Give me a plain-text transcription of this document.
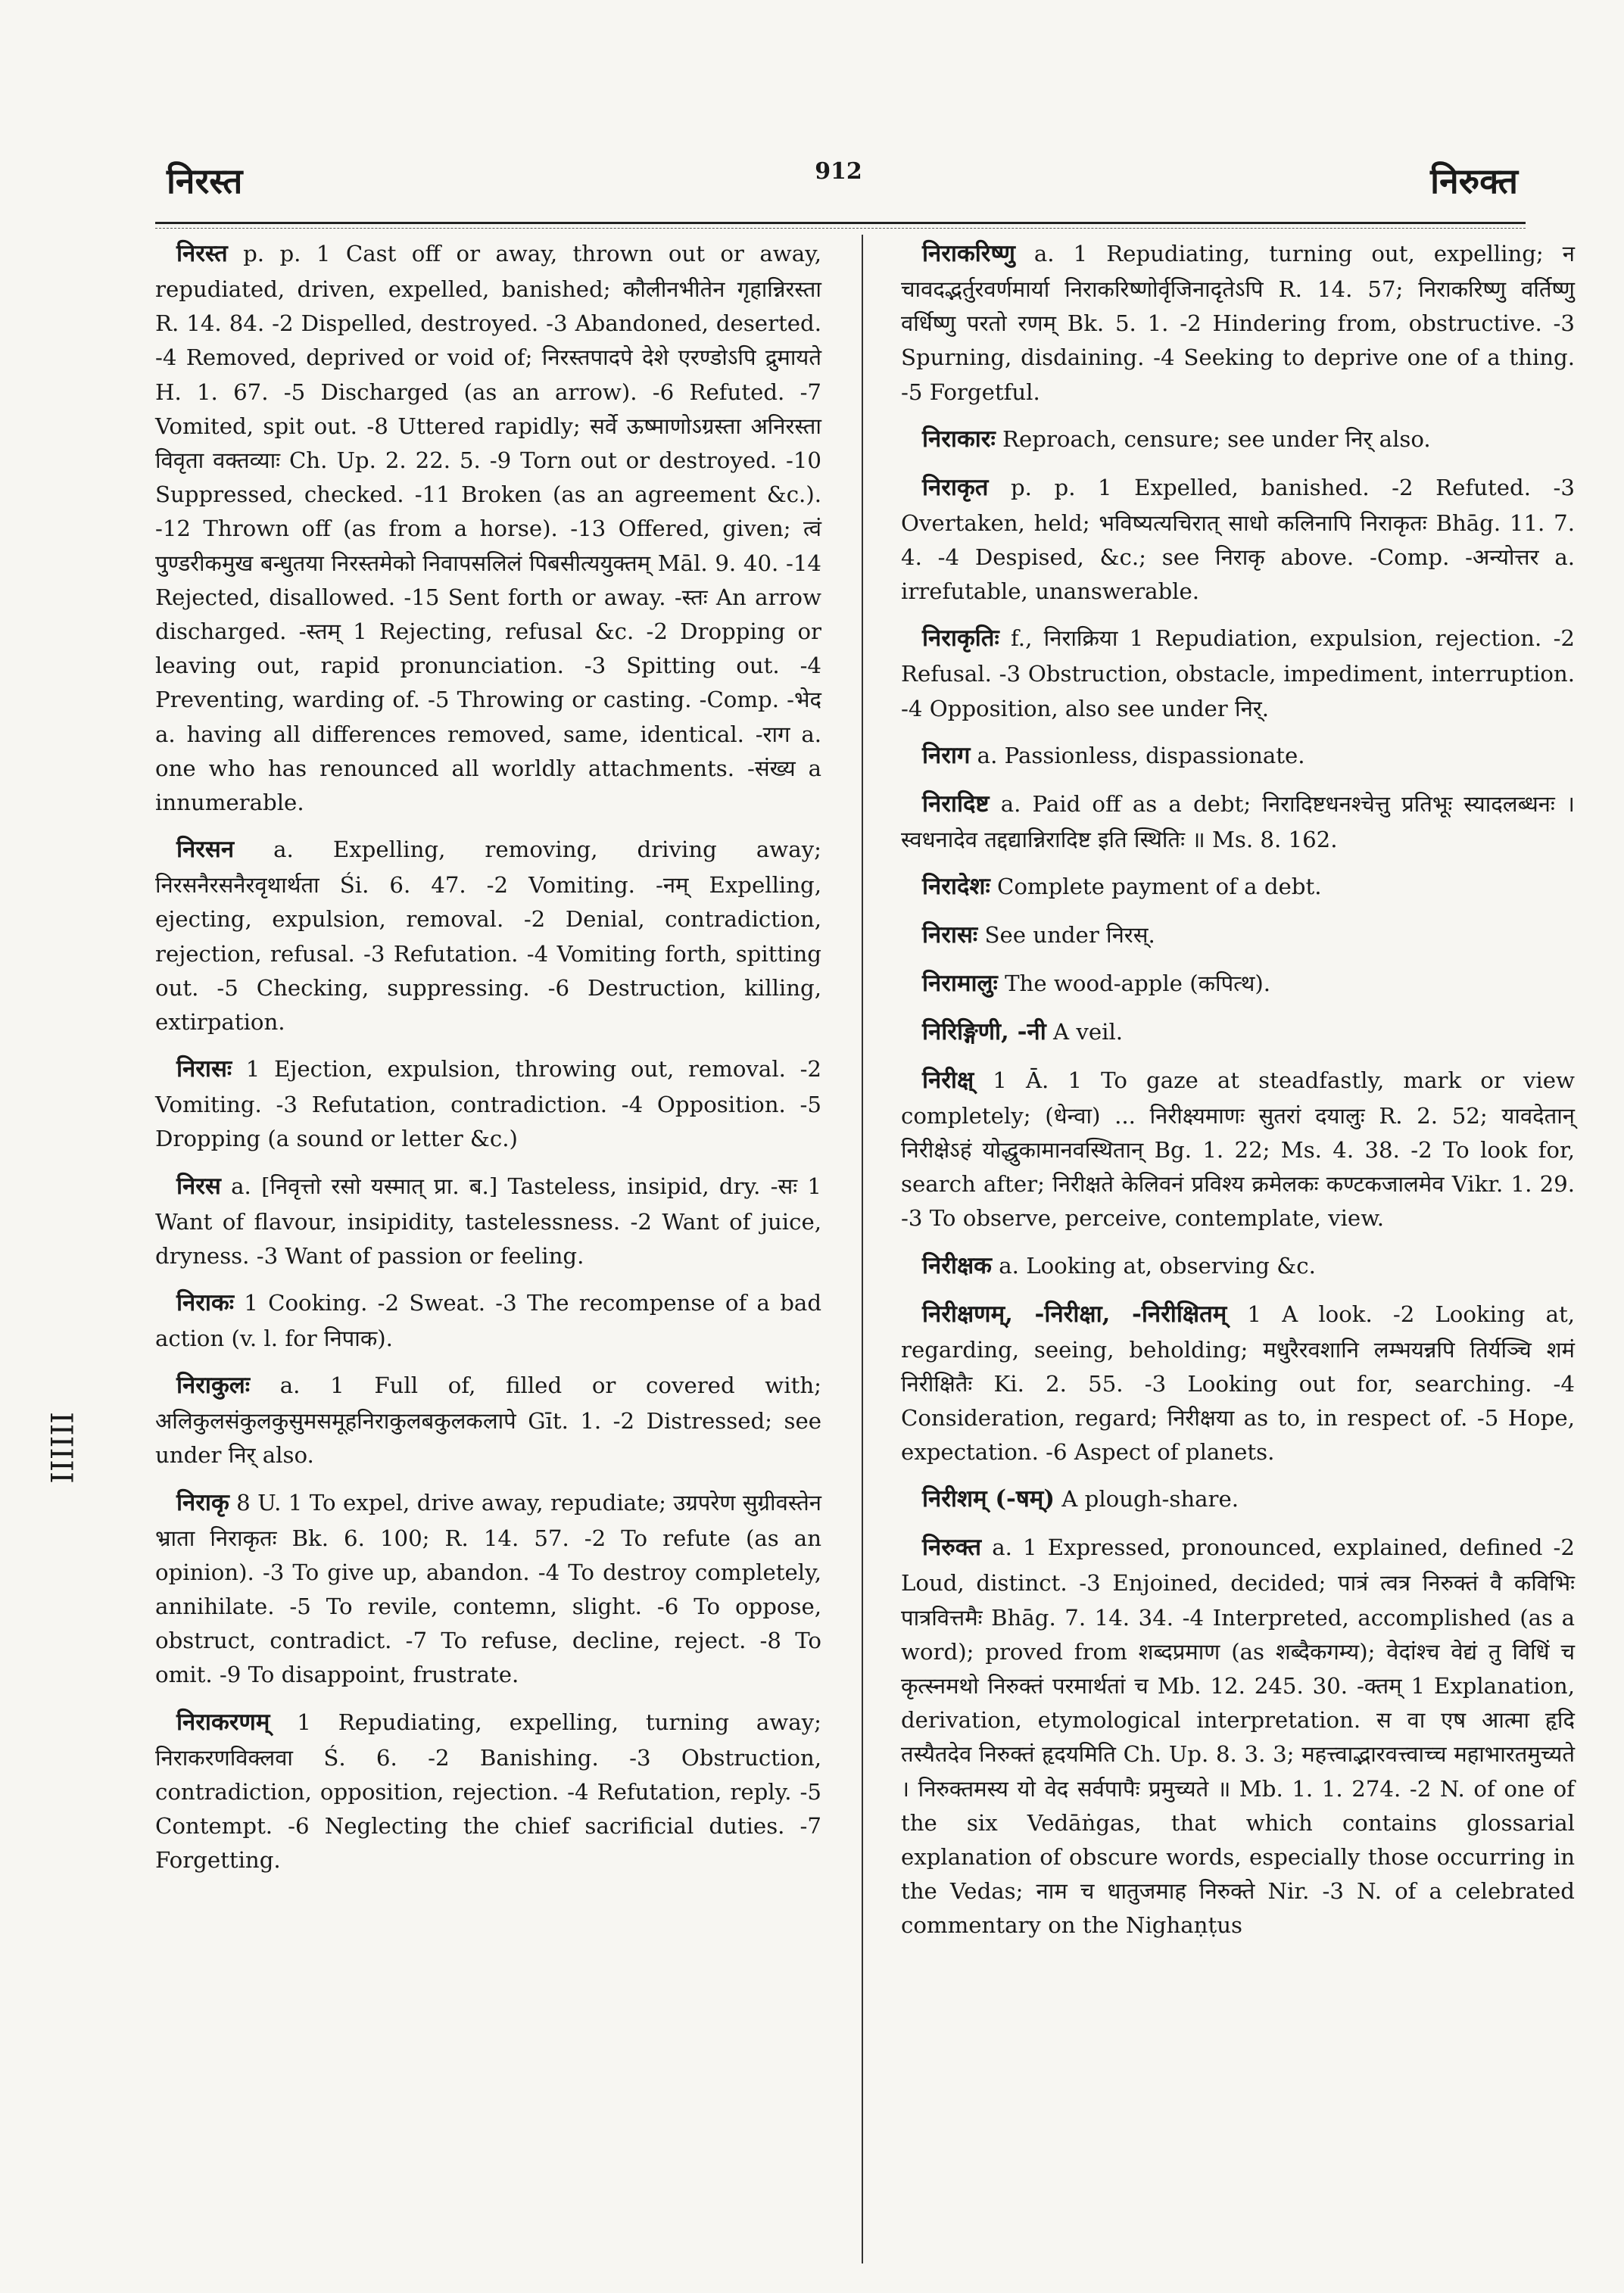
निरस्त	912	निरुक्त
IIIIII

निरस्त p. p. 1 Cast off or away, thrown out or away, repudiated, driven, expelled, banished; कौलीनभीतेन गृहान्निरस्ता R. 14. 84. -2 Dispelled, destroyed. -3 Abandoned, deserted. -4 Removed, deprived or void of; निरस्तपादपे देशे एरण्डोऽपि द्रुमायते H. 1. 67. -5 Discharged (as an arrow). -6 Refuted. -7 Vomited, spit out. -8 Uttered rapidly; सर्वे ऊष्माणोऽग्रस्ता अनिरस्ता विवृता वक्तव्याः Ch. Up. 2. 22. 5. -9 Torn out or destroyed. -10 Suppressed, checked. -11 Broken (as an agreement &c.). -12 Thrown off (as from a horse). -13 Offered, given; त्वं पुण्डरीकमुख बन्धुतया निरस्तमेको निवापसलिलं पिबसीत्ययुक्तम् Māl. 9. 40. -14 Rejected, disallowed. -15 Sent forth or away. -स्तः An arrow discharged. -स्तम् 1 Rejecting, refusal &c. -2 Dropping or leaving out, rapid pronunciation. -3 Spitting out. -4 Preventing, warding of. -5 Throwing or casting. -Comp. -भेद a. having all differences removed, same, identical. -राग a. one who has renounced all worldly attachments. -संख्य a innumerable.

निरसन a. Expelling, removing, driving away; निरसनैरसनैरवृथार्थता Śi. 6. 47. -2 Vomiting. -नम् Expelling, ejecting, expulsion, removal. -2 Denial, contradiction, rejection, refusal. -3 Refutation. -4 Vomiting forth, spitting out. -5 Checking, suppressing. -6 Destruction, killing, extirpation.

निरासः 1 Ejection, expulsion, throwing out, removal. -2 Vomiting. -3 Refutation, contradiction. -4 Opposition. -5 Dropping (a sound or letter &c.)

निरस a. [निवृत्तो रसो यस्मात् प्रा. ब.] Tasteless, insipid, dry. -सः 1 Want of flavour, insipidity, tastelessness. -2 Want of juice, dryness. -3 Want of passion or feeling.

निराकः 1 Cooking. -2 Sweat. -3 The recompense of a bad action (v. l. for निपाक).

निराकुलः a. 1 Full of, filled or covered with; अलिकुलसंकुलकुसुमसमूहनिराकुलबकुलकलापे Gīt. 1. -2 Distressed; see under निर् also.

निराकृ 8 U. 1 To expel, drive away, repudiate; उग्रपरेण सुग्रीवस्तेन भ्राता निराकृतः Bk. 6. 100; R. 14. 57. -2 To refute (as an opinion). -3 To give up, abandon. -4 To destroy completely, annihilate. -5 To revile, contemn, slight. -6 To oppose, obstruct, contradict. -7 To refuse, decline, reject. -8 To omit. -9 To disappoint, frustrate.

निराकरणम् 1 Repudiating, expelling, turning away; निराकरणविक्लवा Ś. 6. -2 Banishing. -3 Obstruction, contradiction, opposition, rejection. -4 Refutation, reply. -5 Contempt. -6 Neglecting the chief sacrificial duties. -7 Forgetting.

निराकरिष्णु a. 1 Repudiating, turning out, expelling; न चावदद्भर्तुरवर्णमार्या निराकरिष्णोर्वृजिनादृतेऽपि R. 14. 57; निराकरिष्णु वर्तिष्णु वर्धिष्णु परतो रणम् Bk. 5. 1. -2 Hindering from, obstructive. -3 Spurning, disdaining. -4 Seeking to deprive one of a thing. -5 Forgetful.

निराकारः Reproach, censure; see under निर् also.

निराकृत p. p. 1 Expelled, banished. -2 Refuted. -3 Overtaken, held; भविष्यत्यचिरात् साधो कलिनापि निराकृतः Bhāg. 11. 7. 4. -4 Despised, &c.; see निराकृ above. -Comp. -अन्योत्तर a. irrefutable, unanswerable.

निराकृतिः f., निराक्रिया 1 Repudiation, expulsion, rejection. -2 Refusal. -3 Obstruction, obstacle, impediment, interruption. -4 Opposition, also see under निर्.

निराग a. Passionless, dispassionate.

निरादिष्ट a. Paid off as a debt; निरादिष्टधनश्चेत्तु प्रतिभूः स्यादलब्धनः । स्वधनादेव तद्दद्यान्निरादिष्ट इति स्थितिः ॥ Ms. 8. 162.

निरादेशः Complete payment of a debt.

निरासः See under निरस्.

निरामालुः The wood-apple (कपित्थ).

निरिङ्गिणी, -नी A veil.

निरीक्ष् 1 Ā. 1 To gaze at steadfastly, mark or view completely; (धेन्वा) ... निरीक्ष्यमाणः सुतरां दयालुः R. 2. 52; यावदेतान् निरीक्षेऽहं योद्धुकामानवस्थितान् Bg. 1. 22; Ms. 4. 38. -2 To look for, search after; निरीक्षते केलिवनं प्रविश्य क्रमेलकः कण्टकजालमेव Vikr. 1. 29. -3 To observe, perceive, contemplate, view.

निरीक्षक a. Looking at, observing &c.

निरीक्षणम्, -निरीक्षा, -निरीक्षितम् 1 A look. -2 Looking at, regarding, seeing, beholding; मधुरैरवशानि लम्भयन्नपि तिर्यञ्चि शमं निरीक्षितैः Ki. 2. 55. -3 Looking out for, searching. -4 Consideration, regard; निरीक्षया as to, in respect of. -5 Hope, expectation. -6 Aspect of planets.

निरीशम् (-षम्) A plough-share.

निरुक्त a. 1 Expressed, pronounced, explained, defined -2 Loud, distinct. -3 Enjoined, decided; पात्रं त्वत्र निरुक्तं वै कविभिः पात्रवित्तमैः Bhāg. 7. 14. 34. -4 Interpreted, accomplished (as a word); proved from शब्दप्रमाण (as शब्दैकगम्य); वेदांश्च वेद्यं तु विधिं च कृत्स्नमथो निरुक्तं परमार्थतां च Mb. 12. 245. 30. -क्तम् 1 Explanation, derivation, etymological interpretation. स वा एष आत्मा हृदि तस्यैतदेव निरुक्तं हृदयमिति Ch. Up. 8. 3. 3; महत्त्वाद्भारवत्त्वाच्च महाभारतमुच्यते । निरुक्तमस्य यो वेद सर्वपापैः प्रमुच्यते ॥ Mb. 1. 1. 274. -2 N. of one of the six Vedāṅgas, that which contains glossarial explanation of obscure words, especially those occurring in the Vedas; नाम च धातुजमाह निरुक्ते Nir. -3 N. of a celebrated commentary on the Nighaṇṭus
